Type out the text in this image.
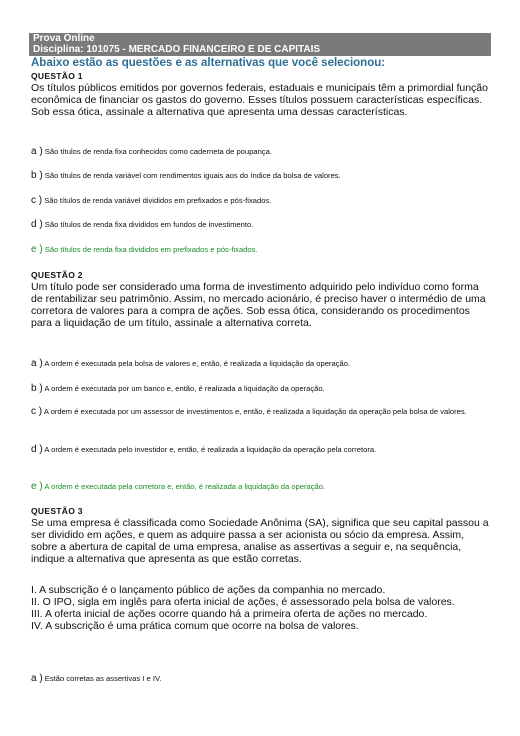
Prova Online
Disciplina: 101075 - MERCADO FINANCEIRO E DE CAPITAIS
Abaixo estão as questões e as alternativas que você selecionou:
QUESTÃO 1
Os títulos públicos emitidos por governos federais, estaduais e municipais têm a primordial função econômica de financiar os gastos do governo. Esses títulos possuem características específicas. Sob essa ótica, assinale a alternativa que apresenta uma dessas características.
a ) São títulos de renda fixa conhecidos como caderneta de poupança.
b ) São títulos de renda variável com rendimentos iguais aos do índice da bolsa de valores.
c ) São títulos de renda variável divididos em prefixados e pós-fixados.
d ) São títulos de renda fixa divididos em fundos de investimento.
e ) São títulos de renda fixa divididos em prefixados e pós-fixados.
QUESTÃO 2
Um título pode ser considerado uma forma de investimento adquirido pelo indivíduo como forma de rentabilizar seu patrimônio. Assim, no mercado acionário, é preciso haver o intermédio de uma corretora de valores para a compra de ações. Sob essa ótica, considerando os procedimentos para a liquidação de um título, assinale a alternativa correta.
a ) A ordem é executada pela bolsa de valores e, então, é realizada a liquidação da operação.
b ) A ordem é executada por um banco e, então, é realizada a liquidação da operação.
c ) A ordem é executada por um assessor de investimentos e, então, é realizada a liquidação da operação pela bolsa de valores.
d ) A ordem é executada pelo investidor e, então, é realizada a liquidação da operação pela corretora.
e ) A ordem é executada pela corretora e, então, é realizada a liquidação da operação.
QUESTÃO 3
Se uma empresa é classificada como Sociedade Anônima (SA), significa que seu capital passou a ser dividido em ações, e quem as adquire passa a ser acionista ou sócio da empresa. Assim, sobre a abertura de capital de uma empresa, analise as assertivas a seguir e, na sequência, indique a alternativa que apresenta as que estão corretas.
I. A subscrição é o lançamento público de ações da companhia no mercado.
II. O IPO, sigla em inglês para oferta inicial de ações, é assessorado pela bolsa de valores.
III. A oferta inicial de ações ocorre quando há a primeira oferta de ações no mercado.
IV. A subscrição é uma prática comum que ocorre na bolsa de valores.
a ) Estão corretas as assertivas I e IV.
